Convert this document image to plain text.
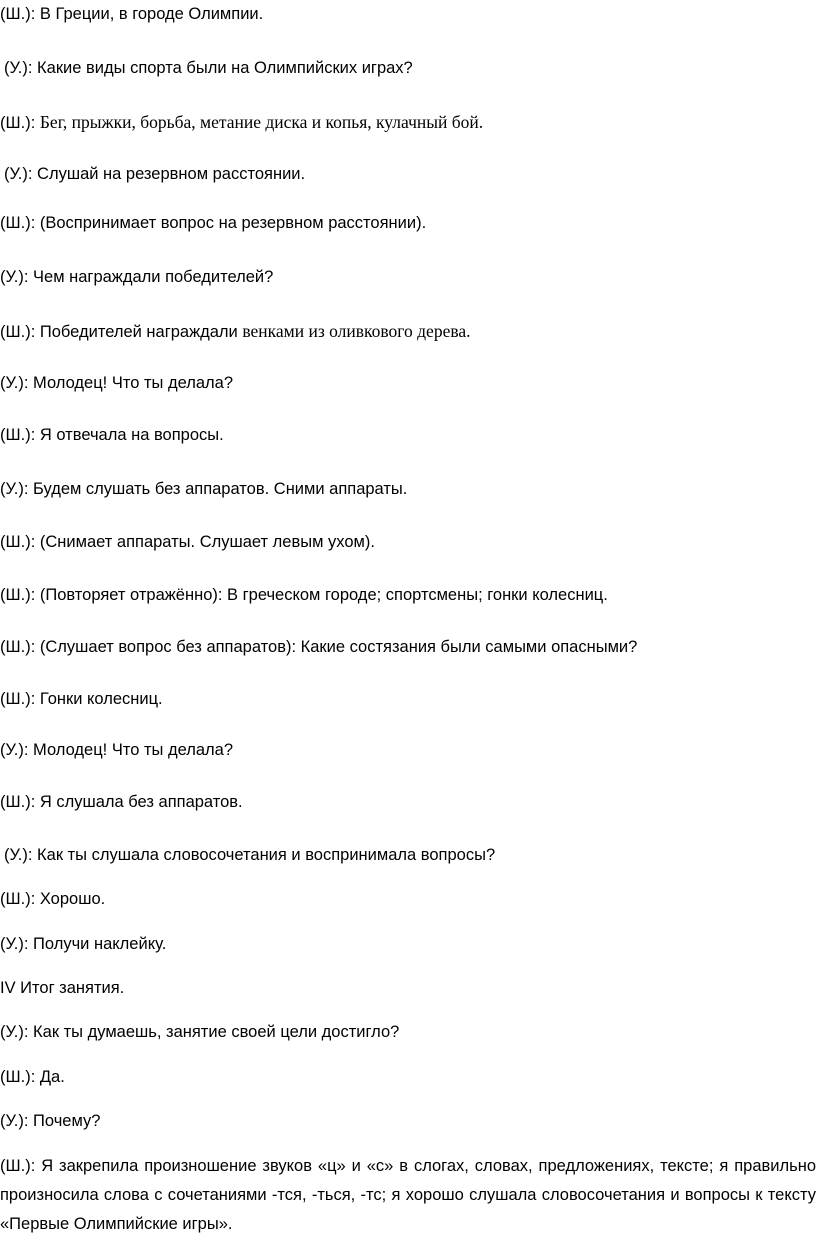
(Ш.): В Греции, в городе Олимпии.
(У.): Какие виды спорта были на Олимпийских играх?
(Ш.): Бег, прыжки, борьба, метание диска и копья, кулачный бой.
(У.): Слушай на резервном расстоянии.
(Ш.): (Воспринимает вопрос на резервном расстоянии).
(У.): Чем награждали победителей?
(Ш.): Победителей награждали венками из оливкового дерева.
(У.): Молодец! Что ты делала?
(Ш.): Я отвечала на вопросы.
(У.): Будем слушать без аппаратов. Сними аппараты.
(Ш.): (Снимает аппараты. Слушает левым ухом).
(Ш.): (Повторяет отражённо): В греческом городе; спортсмены; гонки колесниц.
(Ш.): (Слушает вопрос без аппаратов): Какие состязания были самыми опасными?
(Ш.): Гонки колесниц.
(У.): Молодец! Что ты делала?
(Ш.): Я слушала без аппаратов.
(У.): Как ты слушала словосочетания и воспринимала вопросы?
(Ш.): Хорошо.
(У.): Получи наклейку.
IV Итог занятия.
(У.): Как ты думаешь, занятие своей цели достигло?
(Ш.): Да.
(У.): Почему?
(Ш.): Я закрепила произношение звуков «ц» и «с» в слогах, словах, предложениях, тексте; я правильно произносила слова с сочетаниями -тся, -ться, -тс; я хорошо слушала словосочетания и вопросы к тексту «Первые Олимпийские игры».
